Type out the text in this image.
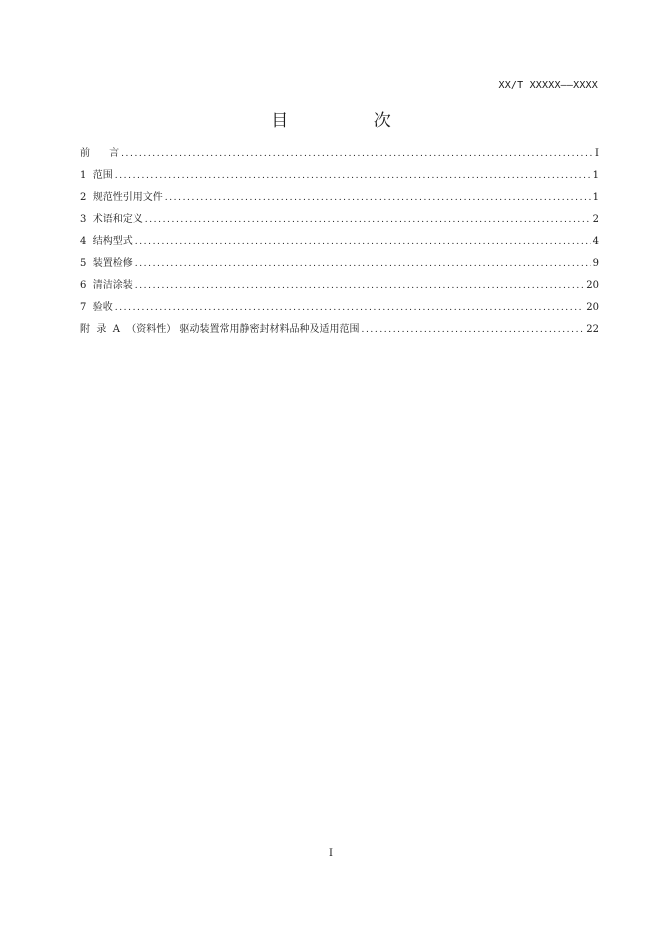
XX/T XXXXX——XXXX
目 次
前      言 .....	I
1  范围 .....	1
2  规范性引用文件 .....	1
3  术语和定义 .....	2
4  结构型式 .....	4
5  装置检修 .....	9
6  清洁涂装 .....	20
7  验收 .....	20
附  录  A  （资料性） 驱动装置常用静密封材料品种及适用范围 .....	22
I
